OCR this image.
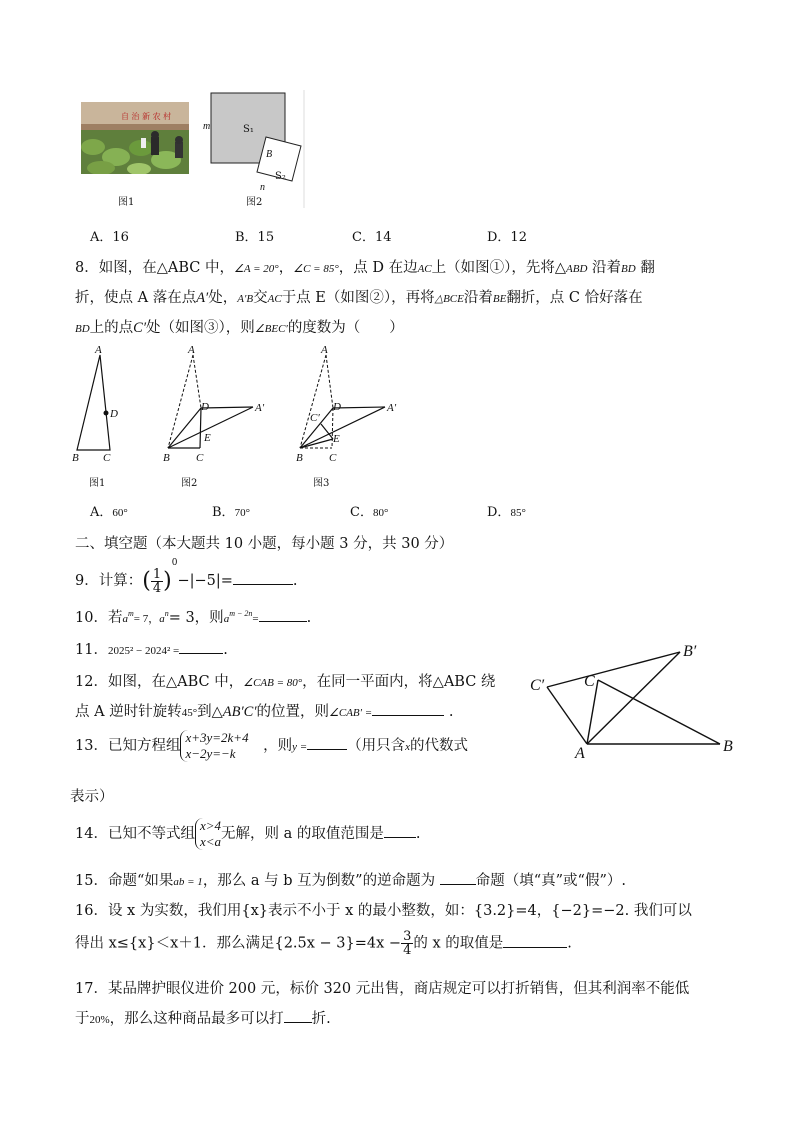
自 治 新 农 村
图1
m	S₁
B
S₂
n
图2
A．16	B．15	C．14	D．12
8．如图，在△ABC 中，∠A = 20°，∠C = 85°，点 D 在边AC上（如图①），先将△ABD 沿着BD 翻
折，使点 A 落在点A′处，A′B交AC于点 E（如图②），再将△BCE沿着BE翻折，点 C 恰好落在
BD上的点C′处（如图③），则∠BEC′的度数为（　　）
A
D
B C
图1
A
D	A′
E
B C
图2
A
C′
D	A′
E
B C
图3
A．60°	B．70°	C．80°	D．85°
二、填空题（本大题共 10 小题，每小题 3 分，共 30 分）
9．计算：( $\frac{1}{4} )^0-|-5|=$	.
10．若$a^m= 7$，$a^n= 3$，则$a^{m - 2n}=$	.
11．2025² − 2024² =	.
12．如图，在△ABC 中，∠CAB = 80°，在同一平面内，将△ABC 绕
点 A 逆时针旋转45°到△AB′C′的位置，则∠CAB′ =	.
B′
C′ C
A	B
13．已知方程组
x+3y=2k+4
x−2y=−k
　	，则y =	（用只含x的代数式
表示）
14．已知不等式组
x>4
x<a 无解，则 a 的取值范围是 .
15．命题“如果ab = 1，那么 a 与 b 互为倒数”的逆命题为	命题（填“真”或“假”）.
16．设 x 为实数，我们用{x}表示不小于 x 的最小整数，如：{3.2}=4，{−2}=−2. 我们可以
得出 x≤{x}＜x＋1．那么满足$\{2.5x - 3\}=4x - \frac{3}{4}$ 的 x 的取值是	.
17．某品牌护眼仪进价 200 元，标价 320 元出售，商店规定可以打折销售，但其利润率不能低
于20%，那么这种商品最多可以打 折.
